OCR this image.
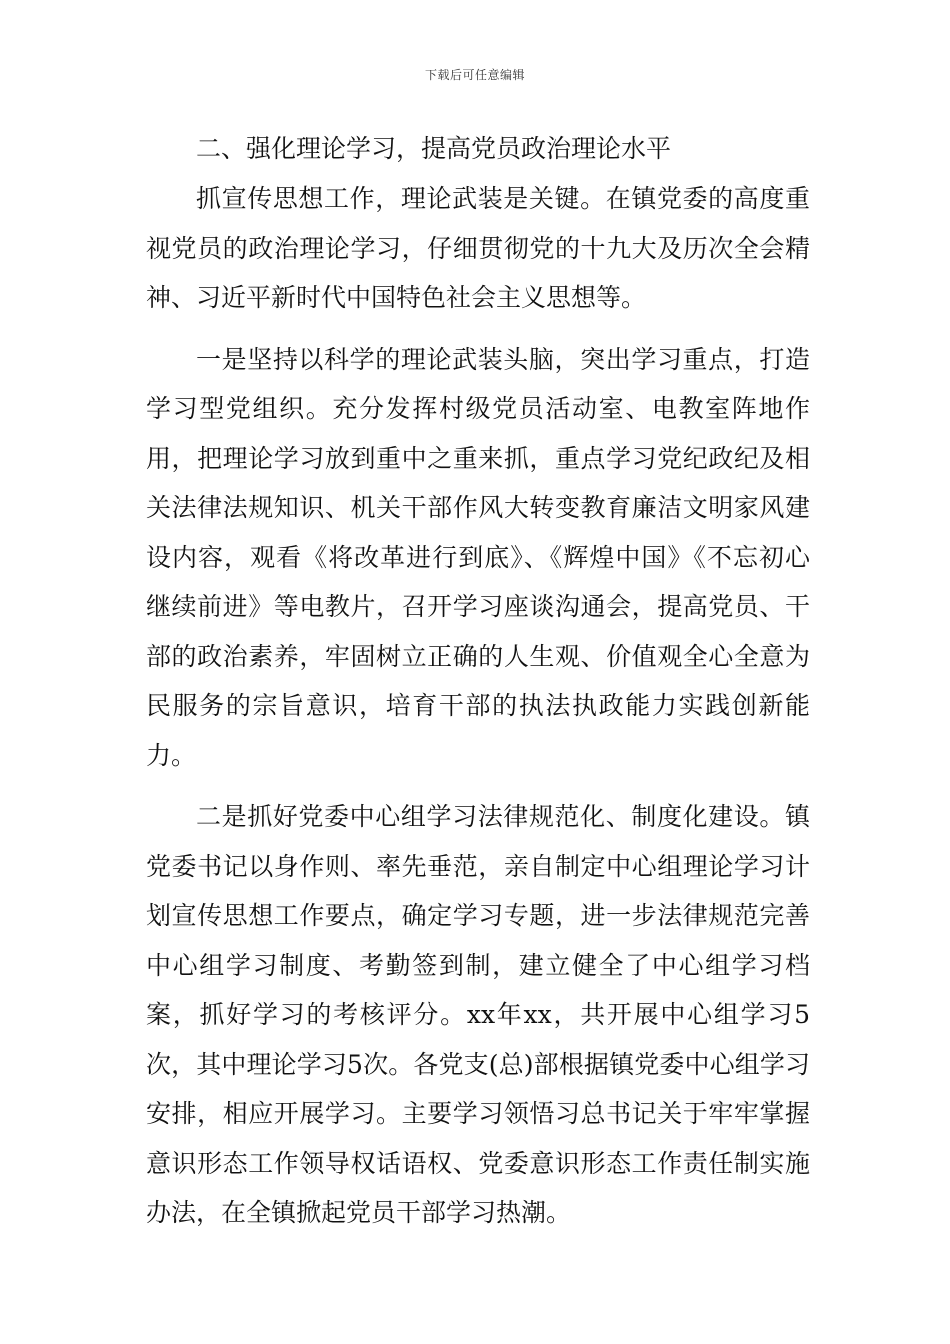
下载后可任意编辑

二、强化理论学习，提高党员政治理论水平

抓宣传思想工作，理论武装是关键。在镇党委的高度重视党员的政治理论学习，仔细贯彻党的十九大及历次全会精神、习近平新时代中国特色社会主义思想等。

一是坚持以科学的理论武装头脑，突出学习重点，打造学习型党组织。充分发挥村级党员活动室、电教室阵地作用，把理论学习放到重中之重来抓，重点学习党纪政纪及相关法律法规知识、机关干部作风大转变教育廉洁文明家风建设内容，观看《将改革进行到底》、《辉煌中国》《不忘初心 继续前进》等电教片，召开学习座谈沟通会，提高党员、干部的政治素养，牢固树立正确的人生观、价值观全心全意为民服务的宗旨意识，培育干部的执法执政能力实践创新能力。

二是抓好党委中心组学习法律规范化、制度化建设。镇党委书记以身作则、率先垂范，亲自制定中心组理论学习计划宣传思想工作要点，确定学习专题，进一步法律规范完善中心组学习制度、考勤签到制，建立健全了中心组学习档案，抓好学习的考核评分。xx年xx，共开展中心组学习5次，其中理论学习5次。各党支(总)部根据镇党委中心组学习安排，相应开展学习。主要学习领悟习总书记关于牢牢掌握意识形态工作领导权话语权、党委意识形态工作责任制实施办法，在全镇掀起党员干部学习热潮。
